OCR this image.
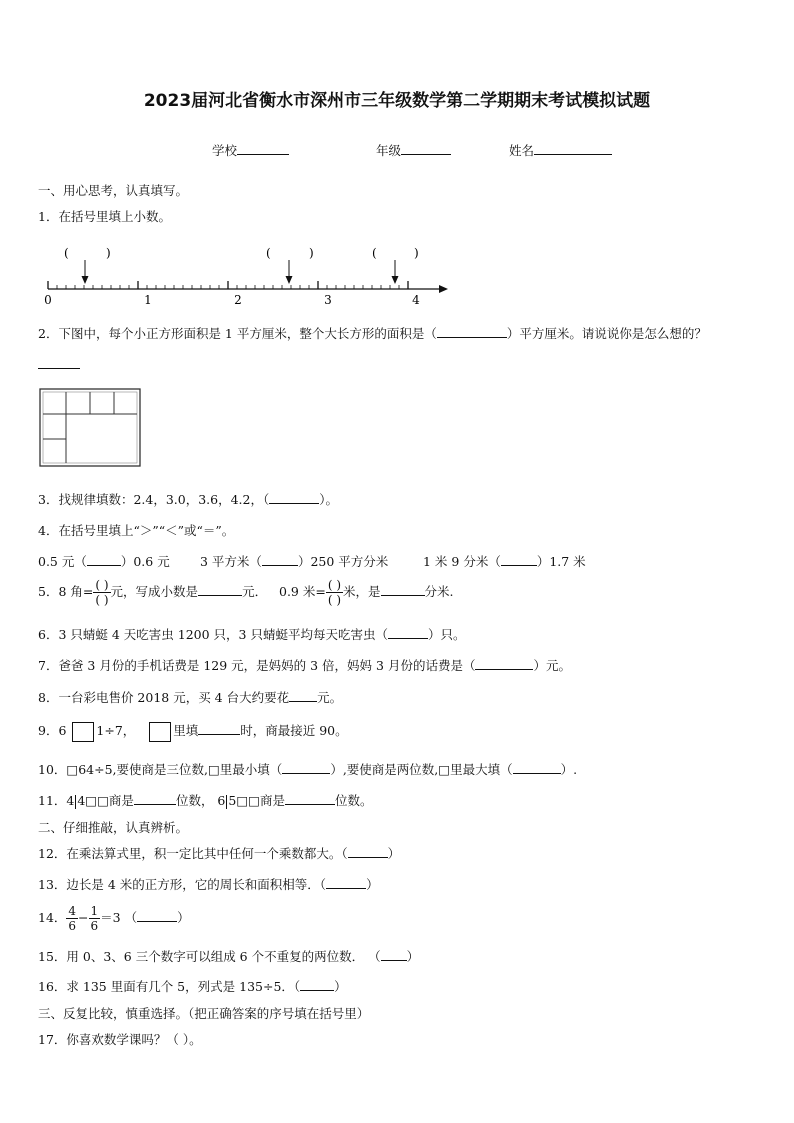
2023届河北省衡水市深州市三年级数学第二学期期末考试模拟试题
学校	年级	姓名
一、用心思考，认真填写。
1．在括号里填上小数。
0	1	2	3	4
(	)	(	)	(	)
2．下图中，每个小正方形面积是 1 平方厘米，整个大长方形的面积是（	）平方厘米。请说说你是怎么想的？
3．找规律填数：2.4，3.0，3.6，4.2，（	）。
4．在括号里填上“＞”“＜”或“＝”。
0.5 元（	）0.6 元 3 平方米（	）250 平方分米	1 米 9 分米（	）1.7 米
5．8 角= $\frac{( )}{( )}$ 元，写成小数是	元． 0.9 米= $\frac{( )}{( )}$ 米，是	分米.
6．3 只蜻蜓 4 天吃害虫 1200 只，3 只蜻蜓平均每天吃害虫（	）只。
7．爸爸 3 月份的手机话费是 129 元，是妈妈的 3 倍，妈妈 3 月份的话费是（	）元。
8．一台彩电售价 2018 元，买 4 台大约要花 元。
9．6 1÷7，	里填	时，商最接近 90。
10．□64÷5,要使商是三位数,□里最小填（	）,要使商是两位数,□里最大填（	）.
11．4 4□□商是	位数， 6 5□□商是	位数。
二、仔细推敲，认真辨析。
12．在乘法算式里，积一定比其中任何一个乘数都大。（	）
13．边长是 4 米的正方形，它的周长和面积相等．（	）
14． $\frac{4}{6} - \frac{1}{6} =3$ （	）
15．用 0、3、6 三个数字可以组成 6 个不重复的两位数． （ ）
16．求 135 里面有几个 5，列式是 135÷5．（	）
三、反复比较，慎重选择。（把正确答案的序号填在括号里）
17．你喜欢数学课吗？（ ）。
